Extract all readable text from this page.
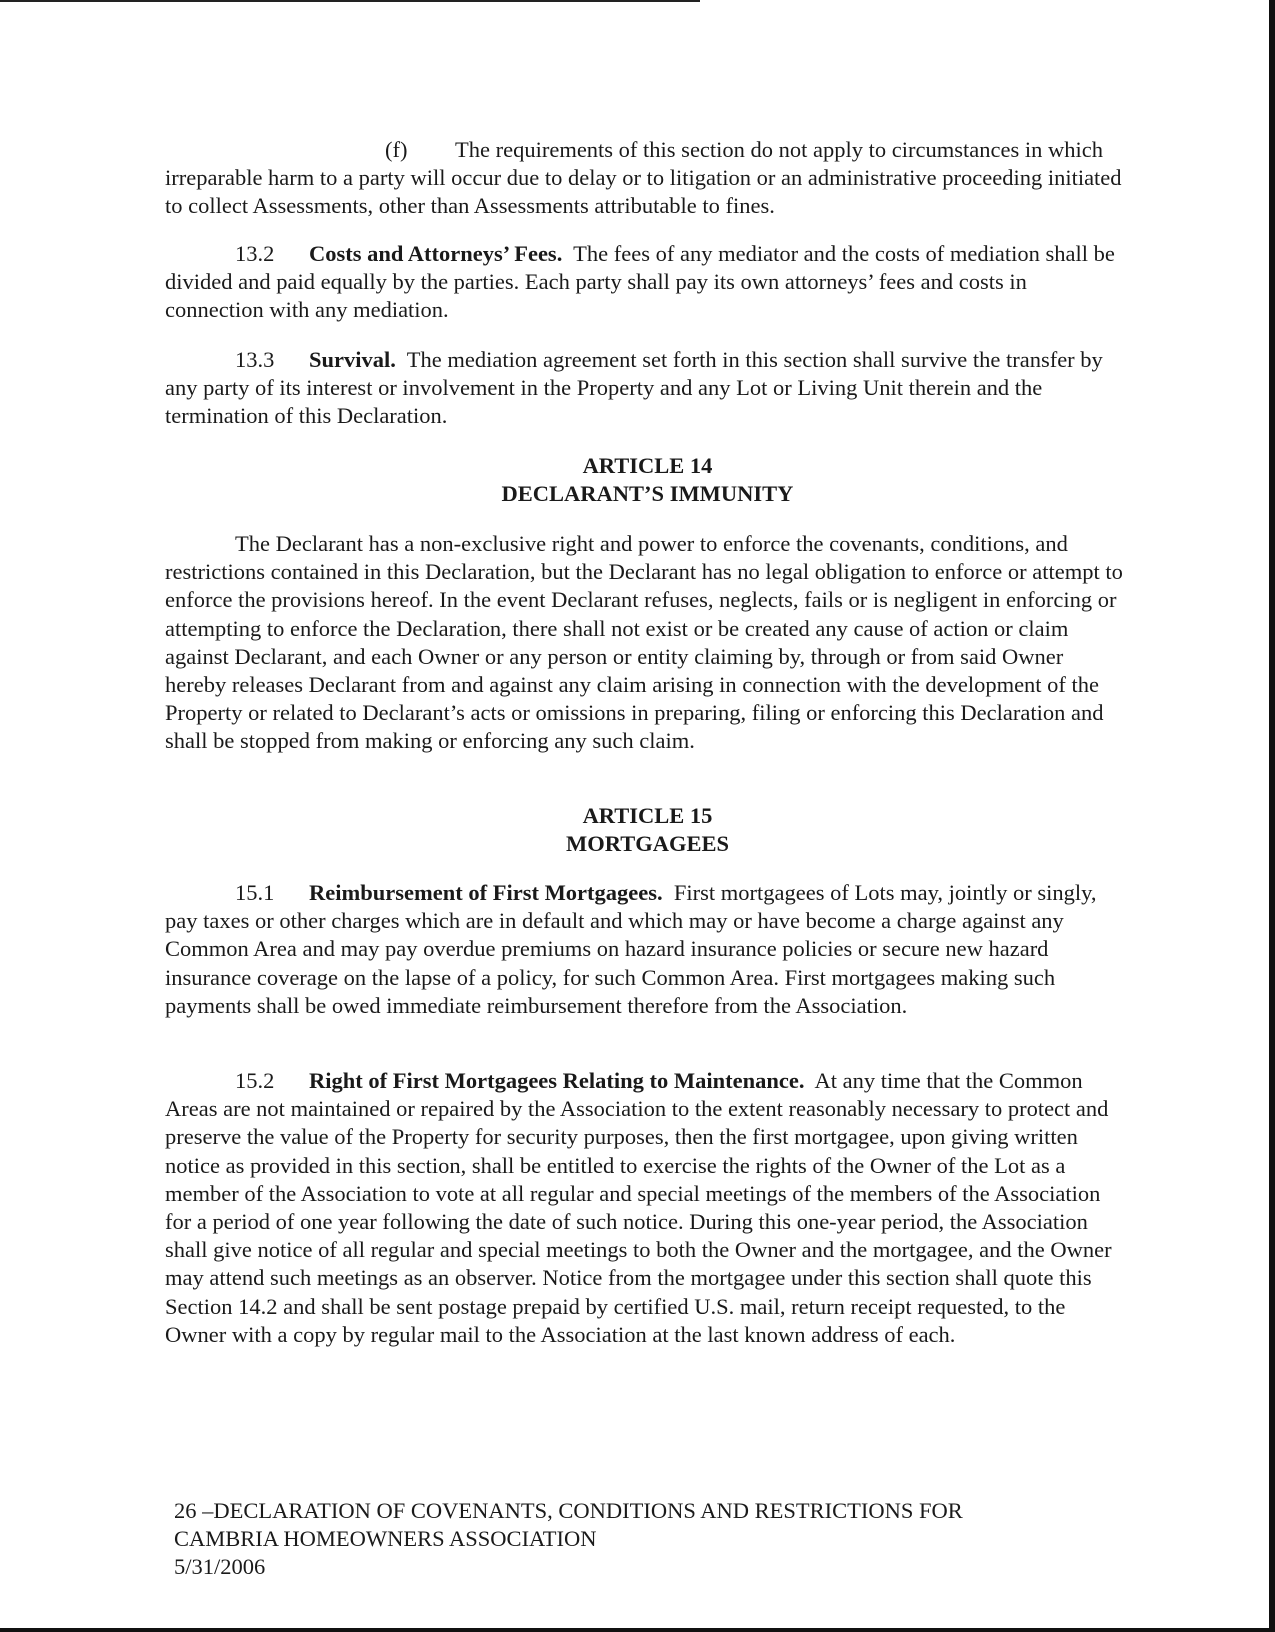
(f) The requirements of this section do not apply to circumstances in which irreparable harm to a party will occur due to delay or to litigation or an administrative proceeding initiated to collect Assessments, other than Assessments attributable to fines.

13.2 Costs and Attorneys’ Fees. The fees of any mediator and the costs of mediation shall be divided and paid equally by the parties. Each party shall pay its own attorneys’ fees and costs in connection with any mediation.

13.3 Survival. The mediation agreement set forth in this section shall survive the transfer by any party of its interest or involvement in the Property and any Lot or Living Unit therein and the termination of this Declaration.

ARTICLE 14
DECLARANT’S IMMUNITY

The Declarant has a non-exclusive right and power to enforce the covenants, conditions, and restrictions contained in this Declaration, but the Declarant has no legal obligation to enforce or attempt to enforce the provisions hereof. In the event Declarant refuses, neglects, fails or is negligent in enforcing or attempting to enforce the Declaration, there shall not exist or be created any cause of action or claim against Declarant, and each Owner or any person or entity claiming by, through or from said Owner hereby releases Declarant from and against any claim arising in connection with the development of the Property or related to Declarant’s acts or omissions in preparing, filing or enforcing this Declaration and shall be stopped from making or enforcing any such claim.

ARTICLE 15
MORTGAGEES

15.1 Reimbursement of First Mortgagees. First mortgagees of Lots may, jointly or singly, pay taxes or other charges which are in default and which may or have become a charge against any Common Area and may pay overdue premiums on hazard insurance policies or secure new hazard insurance coverage on the lapse of a policy, for such Common Area. First mortgagees making such payments shall be owed immediate reimbursement therefore from the Association.

15.2 Right of First Mortgagees Relating to Maintenance. At any time that the Common Areas are not maintained or repaired by the Association to the extent reasonably necessary to protect and preserve the value of the Property for security purposes, then the first mortgagee, upon giving written notice as provided in this section, shall be entitled to exercise the rights of the Owner of the Lot as a member of the Association to vote at all regular and special meetings of the members of the Association for a period of one year following the date of such notice. During this one-year period, the Association shall give notice of all regular and special meetings to both the Owner and the mortgagee, and the Owner may attend such meetings as an observer. Notice from the mortgagee under this section shall quote this Section 14.2 and shall be sent postage prepaid by certified U.S. mail, return receipt requested, to the Owner with a copy by regular mail to the Association at the last known address of each.

26 –DECLARATION OF COVENANTS, CONDITIONS AND RESTRICTIONS FOR
CAMBRIA HOMEOWNERS ASSOCIATION
5/31/2006
